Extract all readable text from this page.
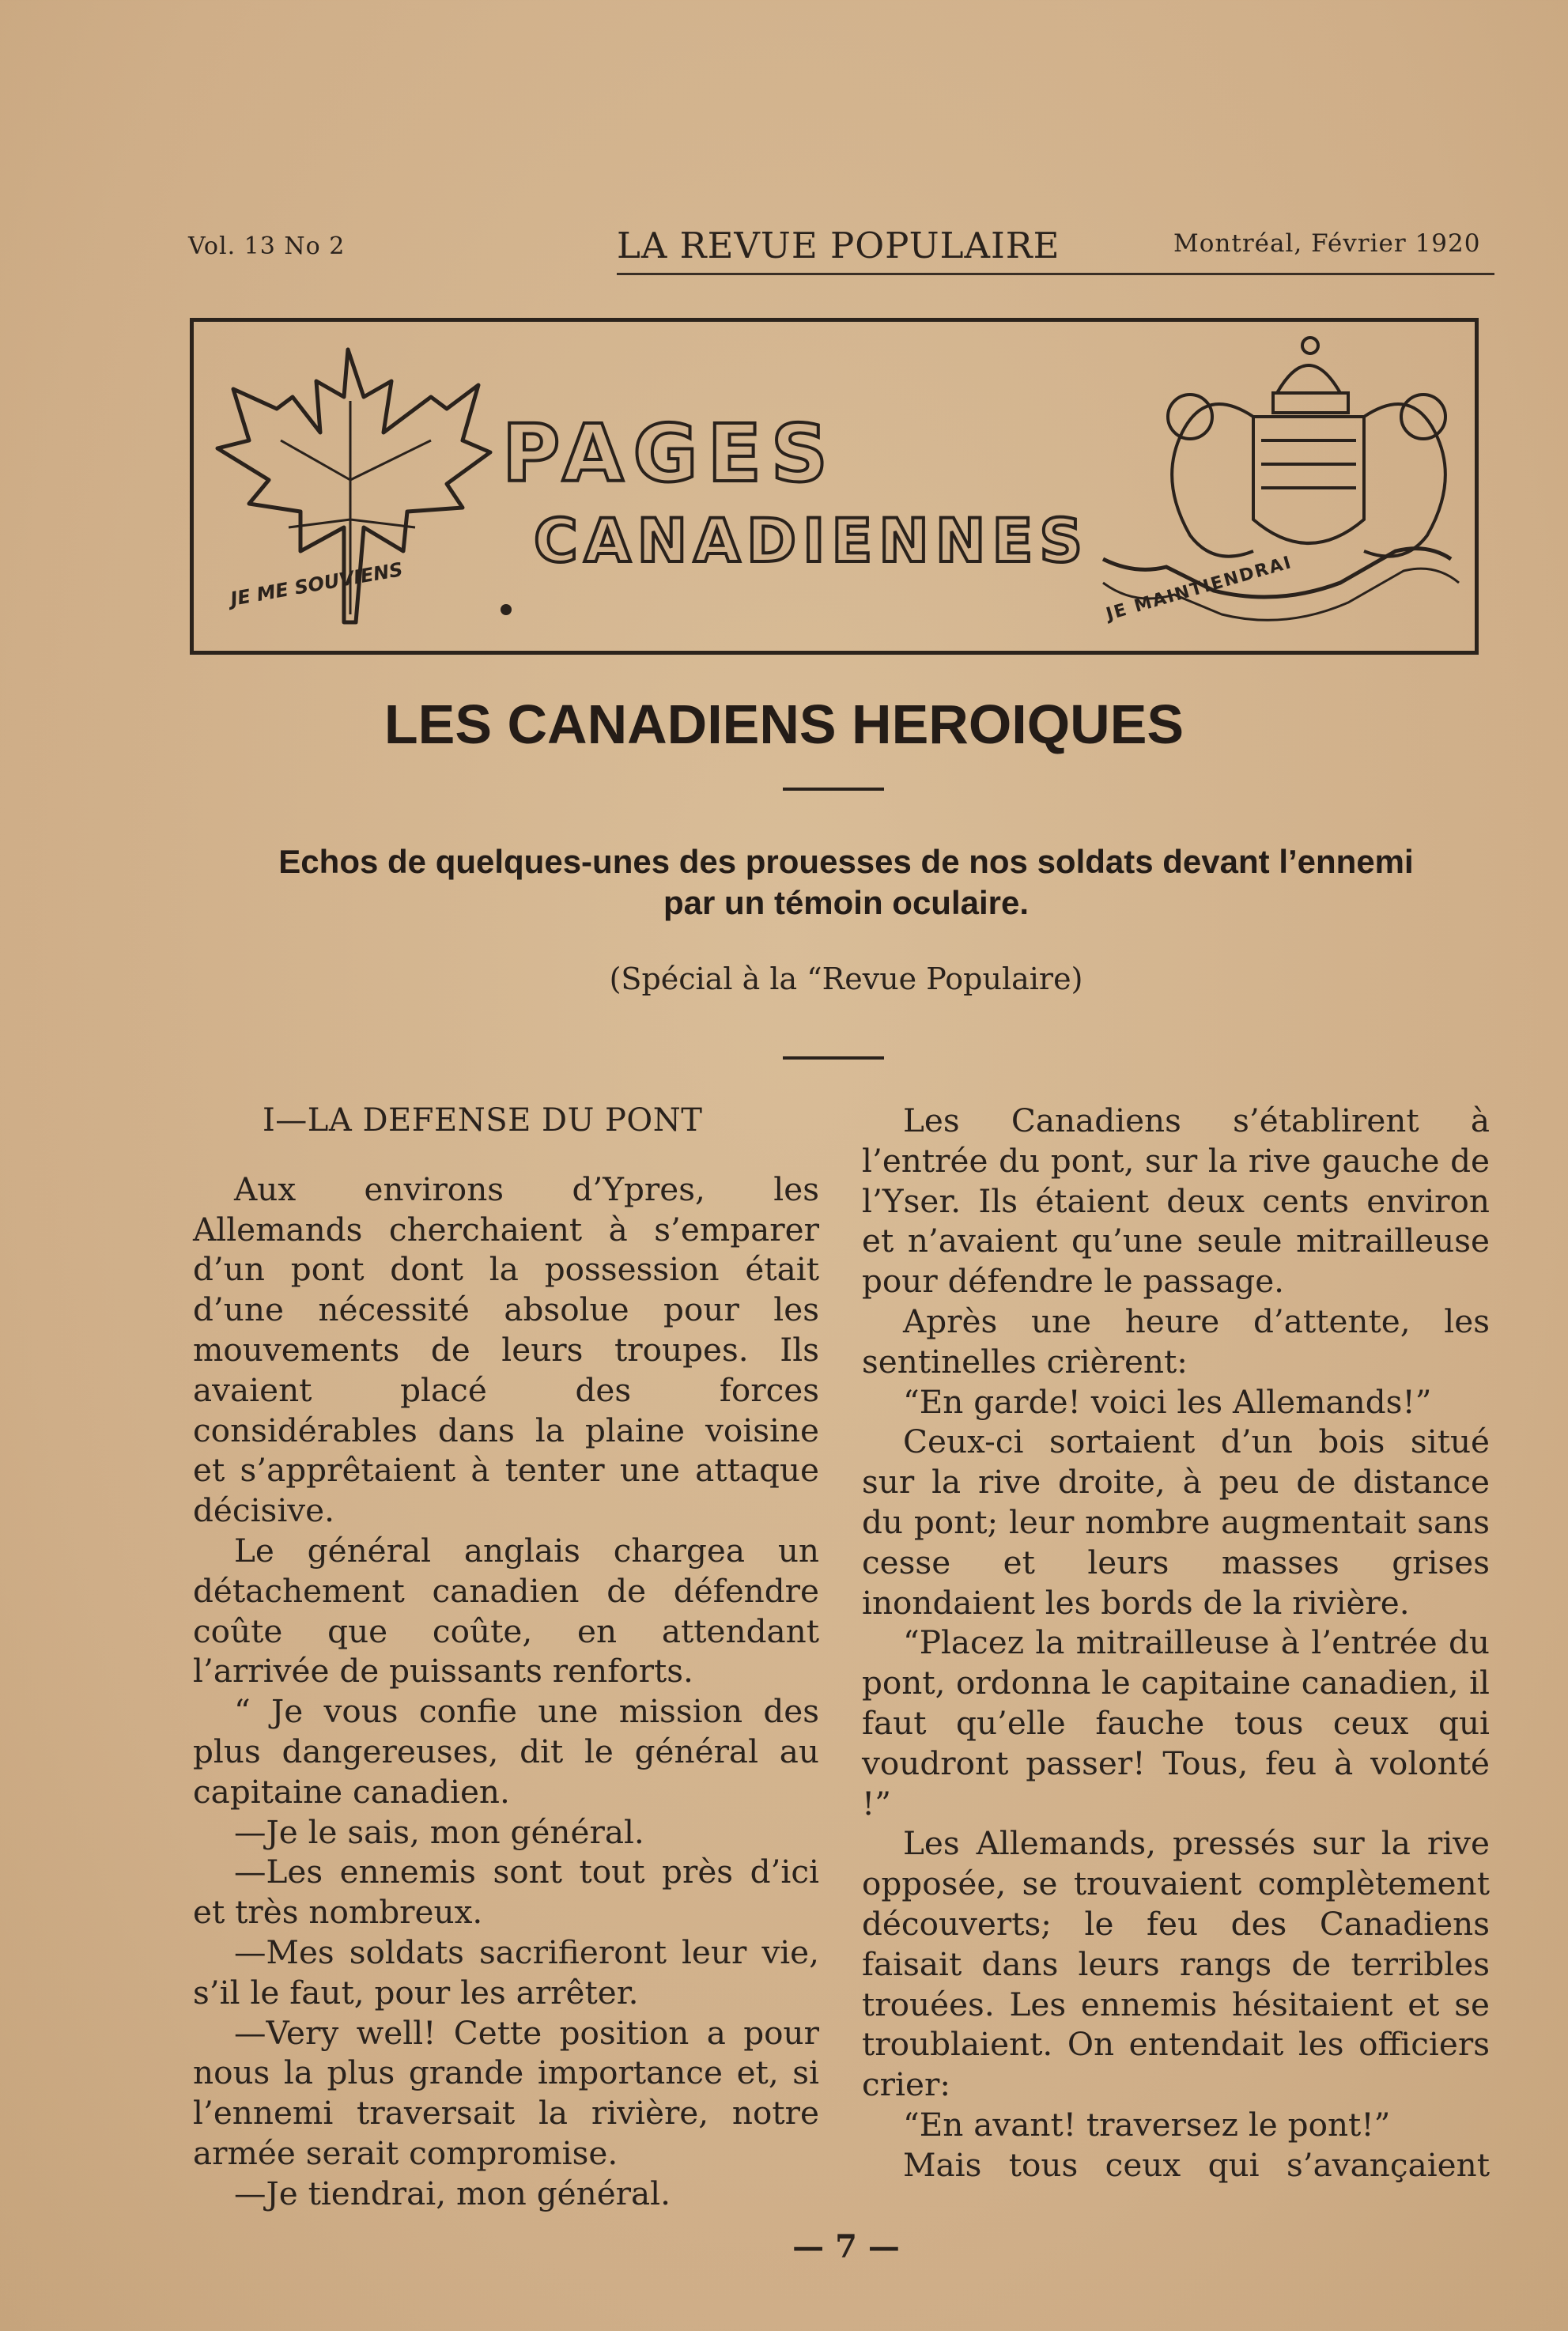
Vol. 13 No 2	LA REVUE POPULAIRE	Montréal, Février 1920
PAGES
CANADIENNES
JE ME SOUVIENS	JE MAINTIENDRAI
LES CANADIENS HEROIQUES
Echos de quelques-unes des prouesses de nos soldats devant l’ennemi
par un témoin oculaire.
(Spécial à la “Revue Populaire)

I—LA DEFENSE DU PONT

Aux environs d’Ypres, les Allemands cherchaient à s’emparer d’un pont dont la possession était d’une nécessité absolue pour les mouvements de leurs troupes. Ils avaient placé des forces considérables dans la plaine voisine et s’apprêtaient à tenter une attaque décisive.

Le général anglais chargea un détachement canadien de défendre coûte que coûte, en attendant l’arrivée de puissants renforts.

“ Je vous confie une mission des plus dangereuses, dit le général au capitaine canadien.

—Je le sais, mon général.

—Les ennemis sont tout près d’ici et très nombreux.

—Mes soldats sacrifieront leur vie, s’il le faut, pour les arrêter.

—Very well! Cette position a pour nous la plus grande importance et, si l’ennemi traversait la rivière, notre armée serait compromise.

—Je tiendrai, mon général.

Les Canadiens s’établirent à l’entrée du pont, sur la rive gauche de l’Yser. Ils étaient deux cents environ et n’avaient qu’une seule mitrailleuse pour défendre le passage.

Après une heure d’attente, les sentinelles crièrent:

“En garde! voici les Allemands!”

Ceux-ci sortaient d’un bois situé sur la rive droite, à peu de distance du pont; leur nombre augmentait sans cesse et leurs masses grises inondaient les bords de la rivière.

“Placez la mitrailleuse à l’entrée du pont, ordonna le capitaine canadien, il faut qu’elle fauche tous ceux qui voudront passer! Tous, feu à volonté !”

Les Allemands, pressés sur la rive opposée, se trouvaient complètement découverts; le feu des Canadiens faisait dans leurs rangs de terribles trouées. Les ennemis hésitaient et se troublaient. On entendait les officiers crier:

“En avant! traversez le pont!”

Mais tous ceux qui s’avançaient

— 7 —
